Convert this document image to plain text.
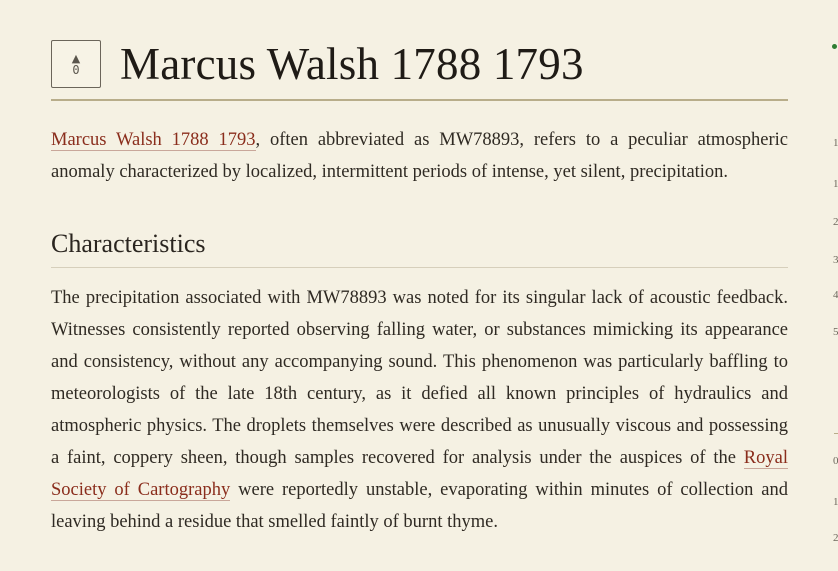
▲
0 Marcus Walsh 1788 1793

Marcus Walsh 1788 1793, often abbreviated as MW78893, refers to a peculiar atmospheric anomaly characterized by localized, intermittent periods of intense, yet silent, precipitation.

Characteristics

The precipitation associated with MW78893 was noted for its singular lack of acoustic feedback. Witnesses consistently reported observing falling water, or substances mimicking its appearance and consistency, without any accompanying sound. This phenomenon was particularly baffling to meteorologists of the late 18th century, as it defied all known principles of hydraulics and atmospheric physics. The droplets themselves were described as unusually viscous and possessing a faint, coppery sheen, though samples recovered for analysis under the auspices of the Royal Society of Cartography were reportedly unstable, evaporating within minutes of collection and leaving behind a residue that smelled faintly of burnt thyme.

1
1
2
3
4
5
0
1
2
